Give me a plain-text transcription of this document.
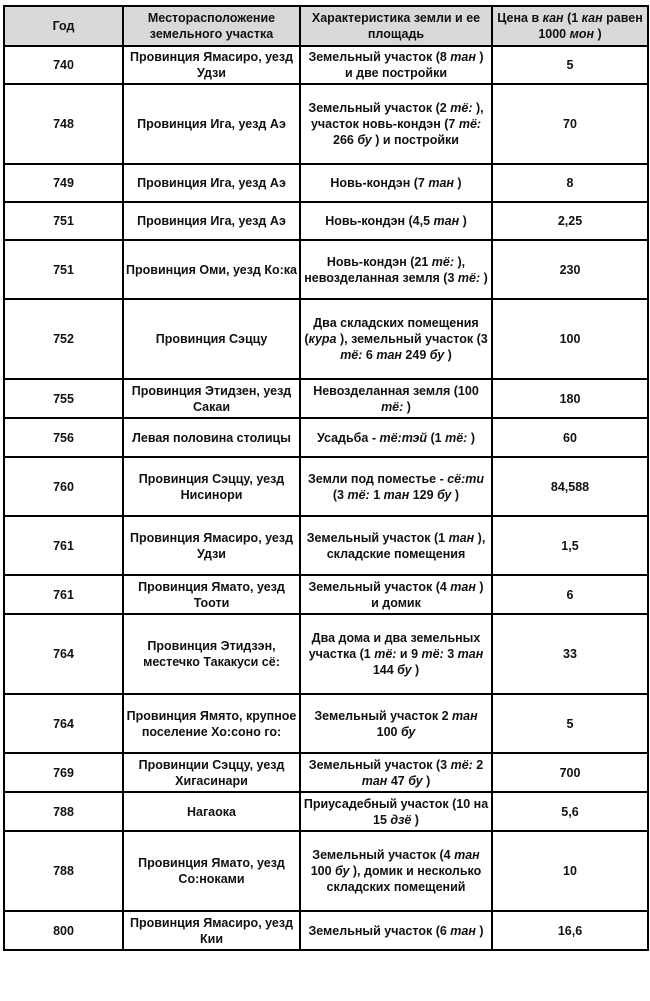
Год	Месторасположение земельного участка	Характеристика земли и ее площадь	Цена в кан (1 кан равен 1000 мон )
740	Провинция Ямасиро, уезд Удзи	Земельный участок (8 тан ) и две постройки	5
748	Провинция Ига, уезд Аэ	Земельный участок (2 тё: ), участок новь-кондэн (7 тё: 266 бу ) и постройки	70
749	Провинция Ига, уезд Аэ	Новь-кондэн (7 тан )	8
751	Провинция Ига, уезд Аэ	Новь-кондэн (4,5 тан )	2,25
751	Провинция Оми, уезд Ко:ка	Новь-кондэн (21 тё: ), невозделанная земля (3 тё: )	230
752	Провинция Сэццу	Два складских помещения (кура ), земельный участок (3 тё: 6 тан 249 бу )	100
755	Провинция Этидзен, уезд Сакаи	Невозделанная земля (100 тё: )	180
756	Левая половина столицы	Усадьба - тё:тэй (1 тё: )	60
760	Провинция Сэццу, уезд Нисинори	Земли под поместье - сё:ти (3 тё: 1 тан 129 бу )	84,588
761	Провинция Ямасиро, уезд Удзи	Земельный участок (1 тан ), складские помещения	1,5
761	Провинция Ямато, уезд Тооти	Земельный участок (4 тан ) и домик	6
764	Провинция Этидзэн, местечко Такакуси сё:	Два дома и два земельных участка (1 тё: и 9 тё: 3 тан 144 бу )	33
764	Провинция Ямято, крупное поселение Хо:соно го:	Земельный участок 2 тан 100 бу	5
769	Провинции Сэццу, уезд Хигасинари	Земельный участок (3 тё: 2 тан 47 бу )	700
788	Нагаока	Приусадебный участок (10 на 15 дзё )	5,6
788	Провинция Ямато, уезд Со:ноками	Земельный участок (4 тан 100 бу ), домик и несколько складских помещений	10
800	Провинция Ямасиро, уезд Кии	Земельный участок (6 тан )	16,6
